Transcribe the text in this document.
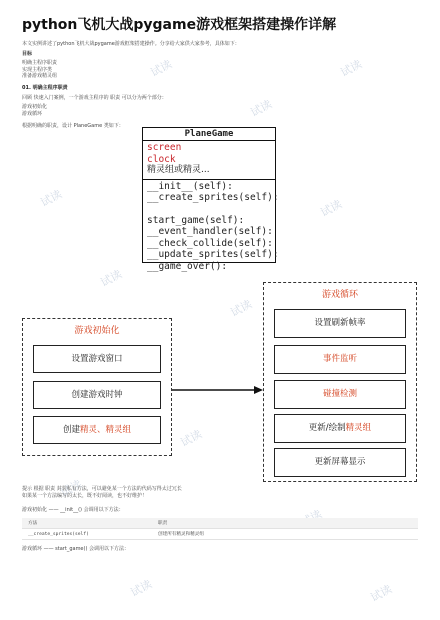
试读
试读
试读
试读	试读
试读
试读
试读
试读
试读	试读
python飞机大战pygame游戏框架搭建操作详解
本文实例讲述了python飞机大战pygame游戏框架搭建操作。分享给大家供大家参考，具体如下：
目标
明确主程序职责
实现主程序类
准备游戏精灵组
01. 明确主程序职责
回顾 快速入门案例，一个游戏主程序的 职责 可以分为两个部分：
游戏初始化
游戏循环
根据明确的职责，设计 PlaneGame 类如下：
PlaneGame
screen
clock
精灵组或精灵...
__init__(self):
__create_sprites(self):
start_game(self):
__event_handler(self):
__check_collide(self):
__update_sprites(self):
__game_over():
游戏初始化
设置游戏窗口
创建游戏时钟
创建精灵、精灵组
游戏循环
设置刷新帧率
事件监听
碰撞检测
更新/绘制精灵组
更新屏幕显示
提示 根据 职责 封装私有方法，可以避免某一个方法的代码写得太过冗长
如果某一个方法编写的太长，既不好阅读，也不好维护！
游戏初始化 —— __init__() 会调用以下方法：
方法	职责
__create_sprites(self)	创建所有精灵和精灵组
游戏循环 —— start_game() 会调用以下方法：
